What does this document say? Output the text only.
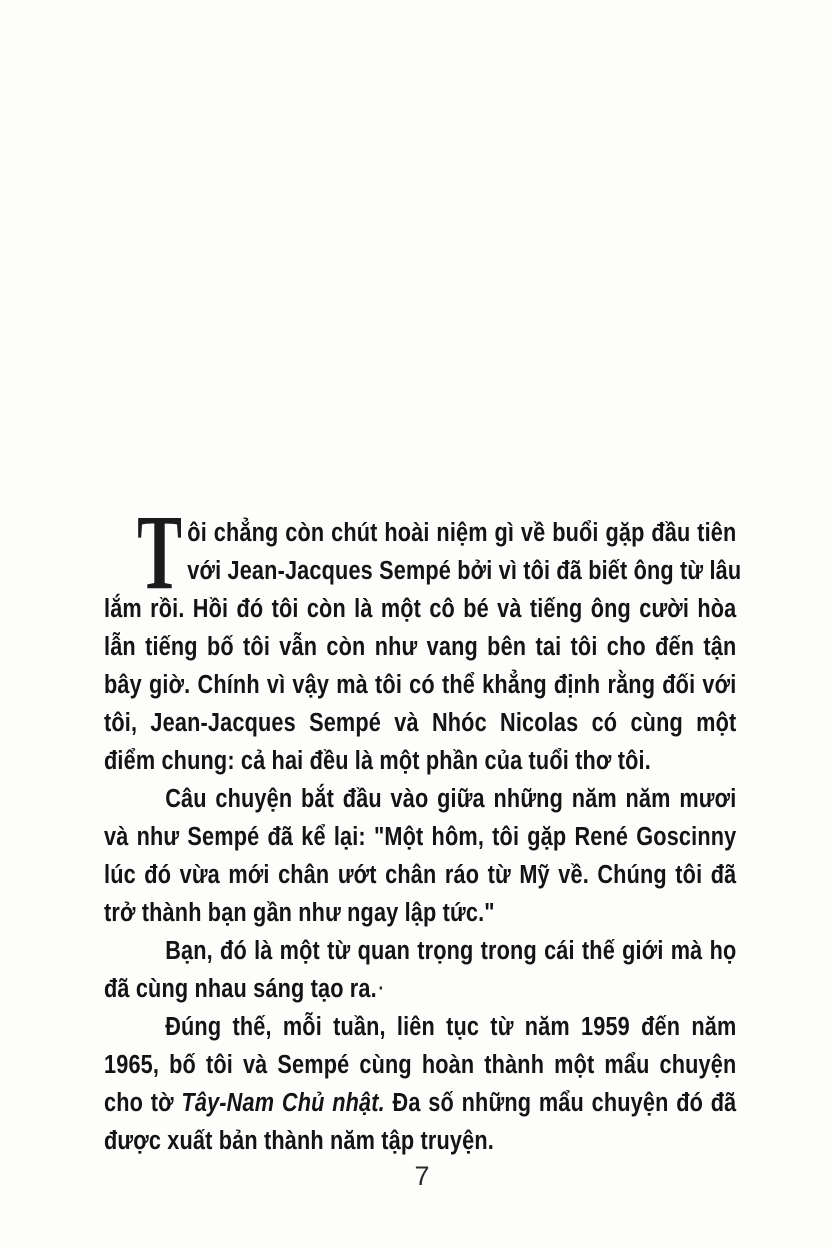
T ôi chẳng còn chút hoài niệm gì về buổi gặp đầu tiên
với Jean-Jacques Sempé bởi vì tôi đã biết ông từ lâu
lắm rồi. Hồi đó tôi còn là một cô bé và tiếng ông cười hòa
lẫn tiếng bố tôi vẫn còn như vang bên tai tôi cho đến tận
bây giờ. Chính vì vậy mà tôi có thể khẳng định rằng đối với
tôi, Jean-Jacques Sempé và Nhóc Nicolas có cùng một
điểm chung: cả hai đều là một phần của tuổi thơ tôi.
Câu chuyện bắt đầu vào giữa những năm năm mươi
và như Sempé đã kể lại: "Một hôm, tôi gặp René Goscinny
lúc đó vừa mới chân ướt chân ráo từ Mỹ về. Chúng tôi đã
trở thành bạn gần như ngay lập tức."
Bạn, đó là một từ quan trọng trong cái thế giới mà họ
đã cùng nhau sáng tạo ra.·
Đúng thế, mỗi tuần, liên tục từ năm 1959 đến năm
1965, bố tôi và Sempé cùng hoàn thành một mẩu chuyện
cho tờ Tây-Nam Chủ nhật. Đa số những mẩu chuyện đó đã
được xuất bản thành năm tập truyện.
7
